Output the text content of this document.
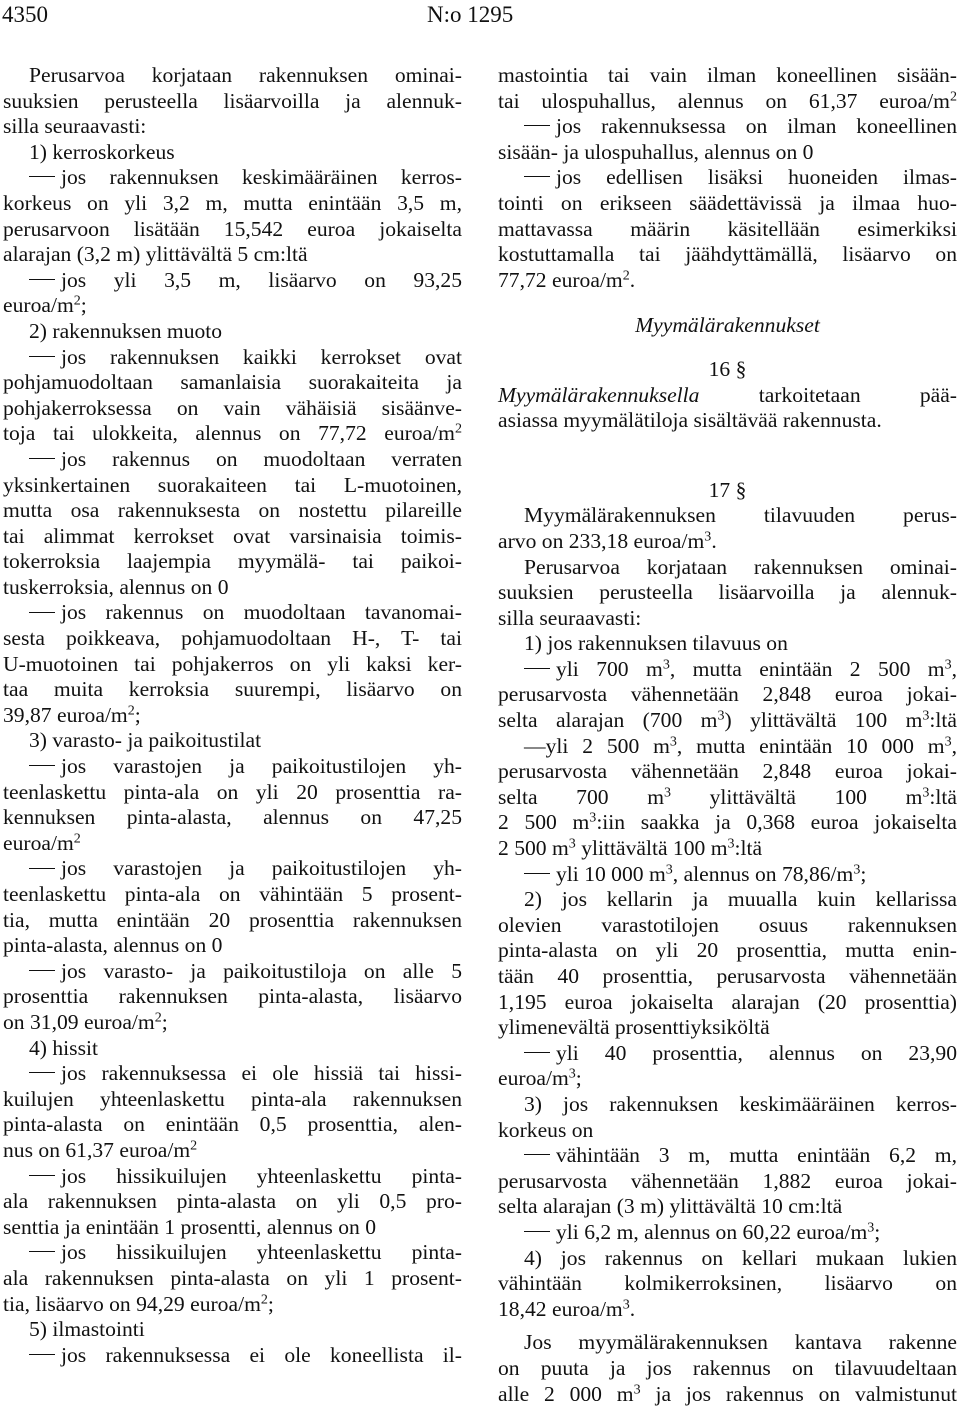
4350	N:o 1295

Perusarvoa korjataan rakennuksen ominai-

suuksien perusteella lisäarvoilla ja alennuk-

silla seuraavasti:

1) kerroskorkeus

jos rakennuksen keskimääräinen kerros-

korkeus on yli 3,2 m, mutta enintään 3,5 m,

perusarvoon lisätään 15,542 euroa jokaiselta

alarajan (3,2 m) ylittävältä 5 cm:ltä

jos yli 3,5 m, lisäarvo on 93,25

euroa/$m^2$;

2) rakennuksen muoto

jos rakennuksen kaikki kerrokset ovat

pohjamuodoltaan samanlaisia suorakaiteita ja

pohjakerroksessa on vain vähäisiä sisäänve-

toja tai ulokkeita, alennus on 77,72 euroa/$m^2$

jos rakennus on muodoltaan verraten

yksinkertainen suorakaiteen tai L-muotoinen,

mutta osa rakennuksesta on nostettu pilareille

tai alimmat kerrokset ovat varsinaisia toimis-

tokerroksia laajempia myymälä- tai paikoi-

tuskerroksia, alennus on 0

jos rakennus on muodoltaan tavanomai-

sesta poikkeava, pohjamuodoltaan H-, T- tai

U-muotoinen tai pohjakerros on yli kaksi ker-

taa muita kerroksia suurempi, lisäarvo on

39,87 euroa/$m^2$;

3) varasto- ja paikoitustilat

jos varastojen ja paikoitustilojen yh-

teenlaskettu pinta-ala on yli 20 prosenttia ra-

kennuksen pinta-alasta, alennus on 47,25

euroa/$m^2$

jos varastojen ja paikoitustilojen yh-

teenlaskettu pinta-ala on vähintään 5 prosent-

tia, mutta enintään 20 prosenttia rakennuksen

pinta-alasta, alennus on 0

jos varasto- ja paikoitustiloja on alle 5

prosenttia rakennuksen pinta-alasta, lisäarvo

on 31,09 euroa/$m^2$;

4) hissit

jos rakennuksessa ei ole hissiä tai hissi-

kuilujen yhteenlaskettu pinta-ala rakennuksen

pinta-alasta on enintään 0,5 prosenttia, alen-

nus on 61,37 euroa/$m^2$

jos hissikuilujen yhteenlaskettu pinta-

ala rakennuksen pinta-alasta on yli 0,5 pro-

senttia ja enintään 1 prosentti, alennus on 0

jos hissikuilujen yhteenlaskettu pinta-

ala rakennuksen pinta-alasta on yli 1 prosent-

tia, lisäarvo on 94,29 euroa/$m^2$;

5) ilmastointi

jos rakennuksessa ei ole koneellista il-

mastointia tai vain ilman koneellinen sisään-

tai ulospuhallus, alennus on 61,37 euroa/$m^2$

jos rakennuksessa on ilman koneellinen

sisään- ja ulospuhallus, alennus on 0

jos edellisen lisäksi huoneiden ilmas-

tointi on erikseen säädettävissä ja ilmaa huo-

mattavassa määrin käsitellään esimerkiksi

kostuttamalla tai jäähdyttämällä, lisäarvo on

77,72 euroa/$m^2$.

Myymälärakennukset

16 §

Myymälärakennuksella tarkoitetaan pää-

asiassa myymälätiloja sisältävää rakennusta.

17 §

Myymälärakennuksen tilavuuden perus-

arvo on 233,18 euroa/$m^3$.

Perusarvoa korjataan rakennuksen ominai-

suuksien perusteella lisäarvoilla ja alennuk-

silla seuraavasti:

1) jos rakennuksen tilavuus on

yli 700 $m^3$, mutta enintään 2 500 $m^3$,

perusarvosta vähennetään 2,848 euroa jokai-

selta alarajan (700 $m^3$) ylittävältä 100 $m^3:ltä$

—yli 2 500 $m^3$, mutta enintään 10 000 $m^3$,

perusarvosta vähennetään 2,848 euroa jokai-

selta 700 $m^3$ ylittävältä 100 $m^3:ltä$

2 500 $m^3:iin$ saakka ja 0,368 euroa jokaiselta

2 500 $m^3$ ylittävältä 100 $m^3:ltä$

yli 10 000 $m^3$, alennus on $78,86/m^3$;

2) jos kellarin ja muualla kuin kellarissa

olevien varastotilojen osuus rakennuksen

pinta-alasta on yli 20 prosenttia, mutta enin-

tään 40 prosenttia, perusarvosta vähennetään

1,195 euroa jokaiselta alarajan (20 prosenttia)

ylimenevältä prosenttiyksiköltä

yli 40 prosenttia, alennus on 23,90

euroa/$m^3$;

3) jos rakennuksen keskimääräinen kerros-

korkeus on

vähintään 3 m, mutta enintään 6,2 m,

perusarvosta vähennetään 1,882 euroa jokai-

selta alarajan (3 m) ylittävältä 10 cm:ltä

yli 6,2 m, alennus on 60,22 euroa/$m^3$;

4) jos rakennus on kellari mukaan lukien

vähintään kolmikerroksinen, lisäarvo on

18,42 euroa/$m^3$.

Jos myymälärakennuksen kantava rakenne

on puuta ja jos rakennus on tilavuudeltaan

alle 2 000 $m^3$ ja jos rakennus on valmistunut
